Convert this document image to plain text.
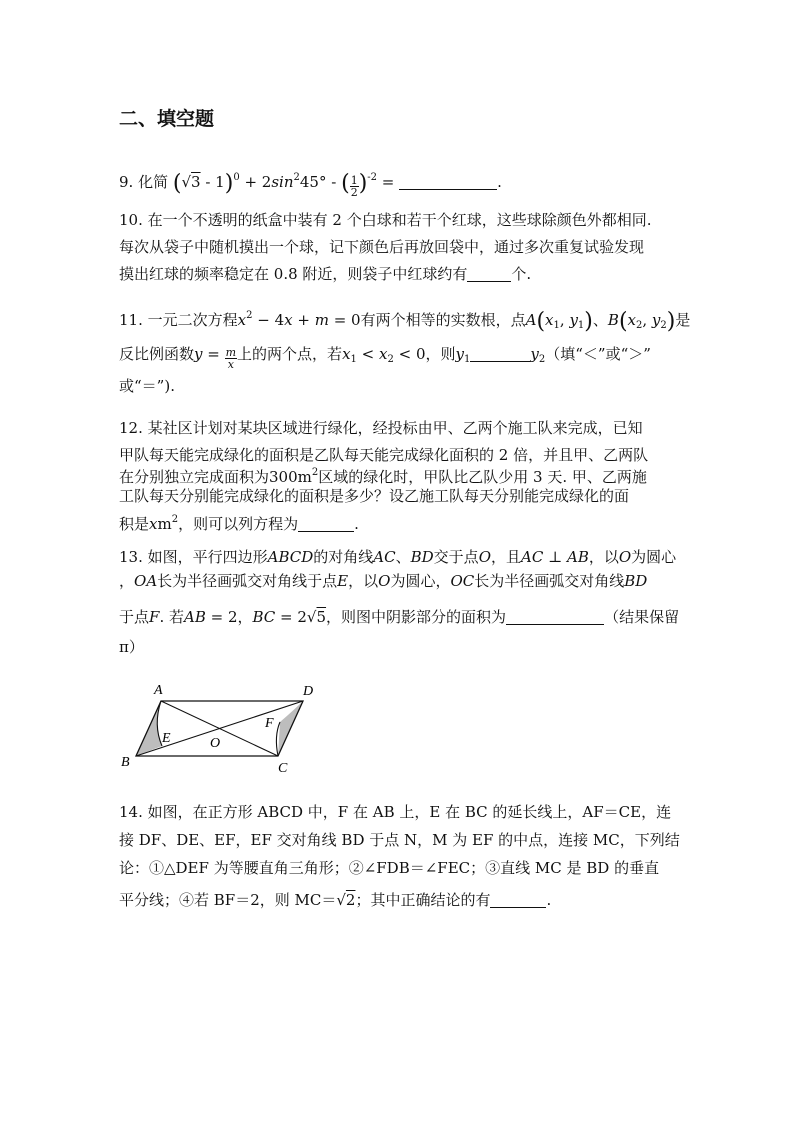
二、填空题
9. 化简 $(√3 - 1)^0 + 2\sin^245^\circ$ - ( $\frac{1}{2} )^{-2}$ =	.
10. 在一个不透明的纸盒中装有 2 个白球和若干个红球，这些球除颜色外都相同.
每次从袋子中随机摸出一个球，记下颜色后再放回袋中，通过多次重复试验发现
摸出红球的频率稳定在 0.8 附近，则袋子中红球约有	个.
11. 一元二次方程$x^2 - 4x + m = 0$有两个相等的实数根，点$A(x_1$, $y_1$)、$B(x_2$, $y_2$)是
反比例函数$y = \frac{m}{x}$ 上的两个点，若$x_1 < x_2 < 0$，则$y_1$	$y_2$（填“＜”或“＞”
或“＝”).
12. 某社区计划对某块区域进行绿化，经投标由甲、乙两个施工队来完成，已知
甲队每天能完成绿化的面积是乙队每天能完成绿化面积的 2 倍，并且甲、乙两队
在分别独立完成面积为$300m^2$区域的绿化时，甲队比乙队少用 3 天. 甲、乙两施
工队每天分别能完成绿化的面积是多少？设乙施工队每天分别能完成绿化的面
积是$xm^2$，则可以列方程为	.
13. 如图，平行四边形ABCD的对角线AC、BD交于点O，且AC ⊥ AB，以O为圆心
，OA长为半径画弧交对角线于点E，以O为圆心，OC长为半径画弧交对角线BD
于点F. 若AB = 2，BC = 2√5，则图中阴影部分的面积为	（结果保留
π）
A	D
B	C
E
F
O
14. 如图，在正方形 ABCD 中，F 在 AB 上，E 在 BC 的延长线上，AF＝CE，连
接 DF、DE、EF，EF 交对角线 BD 于点 N，M 为 EF 的中点，连接 MC，下列结
论：①△DEF 为等腰直角三角形；②∠FDB＝∠FEC；③直线 MC 是 BD 的垂直
平分线；④若 BF＝2，则 MC＝√2；其中正确结论的有	.
